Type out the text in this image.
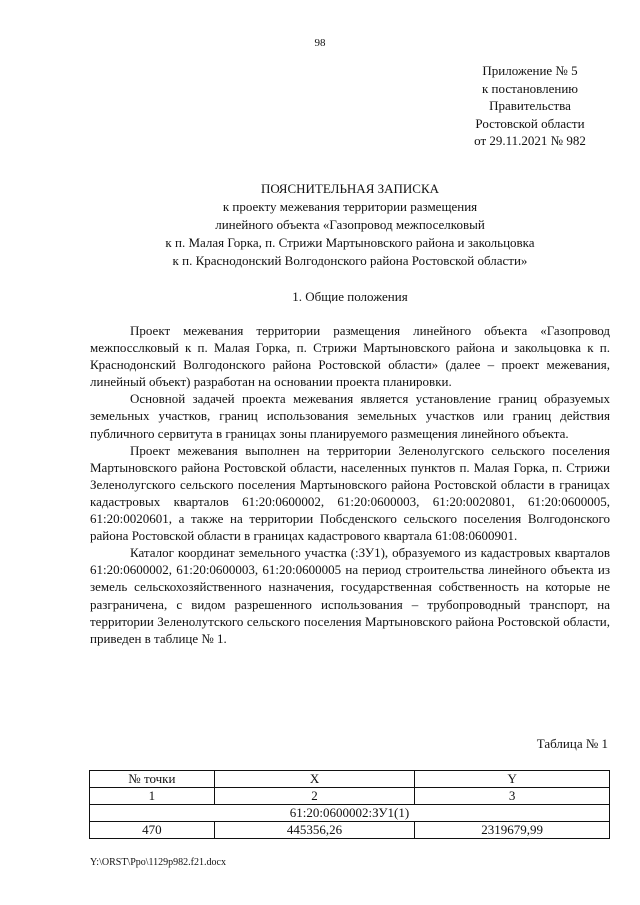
98
Приложение № 5
к постановлению
Правительства
Ростовской области
от 29.11.2021 № 982
ПОЯСНИТЕЛЬНАЯ ЗАПИСКА
к проекту межевания территории размещения
линейного объекта «Газопровод межпоселковый
к п. Малая Горка, п. Стрижи Мартыновского района и закольцовка
к п. Краснодонский Волгодонского района Ростовской области»
1. Общие положения

Проект межевания территории размещения линейного объекта «Газопровод межпосслковый к п. Малая Горка, п. Стрижи Мартыновского района и закольцовка к п. Краснодонский Волгодонского района Ростовской области» (далее – проект межевания, линейный объект) разработан на основании проекта планировки.

Основной задачей проекта межевания является установление границ образуемых земельных участков, границ использования земельных участков или границ действия публичного сервитута в границах зоны планируемого размещения линейного объекта.

Проект межевания выполнен на территории Зеленолугского сельского поселения Мартыновского района Ростовской области, населенных пунктов п. Малая Горка, п. Стрижи Зеленолугского сельского поселения Мартыновского района Ростовской области в границах кадастровых кварталов 61:20:0600002, 61:20:0600003, 61:20:0020801, 61:20:0600005, 61:20:0020601, а также на территории Побсденского сельского поселения Волгодонского района Ростовской области в границах кадастрового квартала 61:08:0600901.

Каталог координат земельного участка (:ЗУ1), образуемого из кадастровых кварталов 61:20:0600002, 61:20:0600003, 61:20:0600005 на период строительства линейного объекта из земель сельскохозяйственного назначения, государственная собственность на которые не разграничена, с видом разрешенного использования – трубопроводный транспорт, на территории Зеленолутского сельского поселения Мартыновского района Ростовской области, приведен в таблице № 1.

Таблица № 1
№ точки	X	Y
1	2	3
61:20:0600002:ЗУ1(1)		
470	445356,26	2319679,99
Y:\ORST\Ppo\1129p982.f21.docx
